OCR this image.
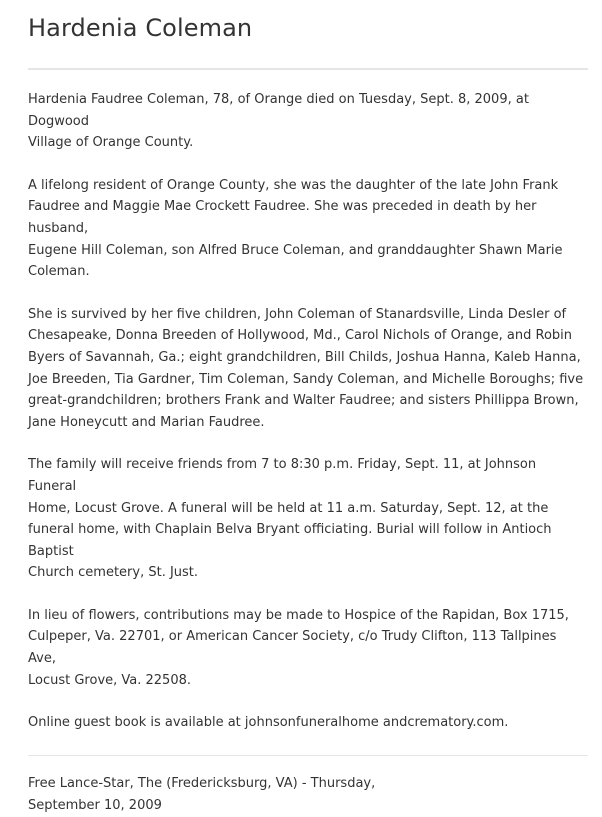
Hardenia Coleman

Hardenia Faudree Coleman, 78, of Orange died on Tuesday, Sept. 8, 2009, at Dogwood
Village of Orange County.

A lifelong resident of Orange County, she was the daughter of the late John Frank
Faudree and Maggie Mae Crockett Faudree. She was preceded in death by her husband,
Eugene Hill Coleman, son Alfred Bruce Coleman, and granddaughter Shawn Marie
Coleman.

She is survived by her five children, John Coleman of Stanardsville, Linda Desler of
Chesapeake, Donna Breeden of Hollywood, Md., Carol Nichols of Orange, and Robin
Byers of Savannah, Ga.; eight grandchildren, Bill Childs, Joshua Hanna, Kaleb Hanna,
Joe Breeden, Tia Gardner, Tim Coleman, Sandy Coleman, and Michelle Boroughs; five
great-grandchildren; brothers Frank and Walter Faudree; and sisters Phillippa Brown,
Jane Honeycutt and Marian Faudree.

The family will receive friends from 7 to 8:30 p.m. Friday, Sept. 11, at Johnson Funeral
Home, Locust Grove. A funeral will be held at 11 a.m. Saturday, Sept. 12, at the
funeral home, with Chaplain Belva Bryant officiating. Burial will follow in Antioch Baptist
Church cemetery, St. Just.

In lieu of flowers, contributions may be made to Hospice of the Rapidan, Box 1715,
Culpeper, Va. 22701, or American Cancer Society, c/o Trudy Clifton, 113 Tallpines Ave,
Locust Grove, Va. 22508.

Online guest book is available at johnsonfuneralhome andcrematory.com.

Free Lance-Star, The (Fredericksburg, VA) - Thursday,
September 10, 2009
